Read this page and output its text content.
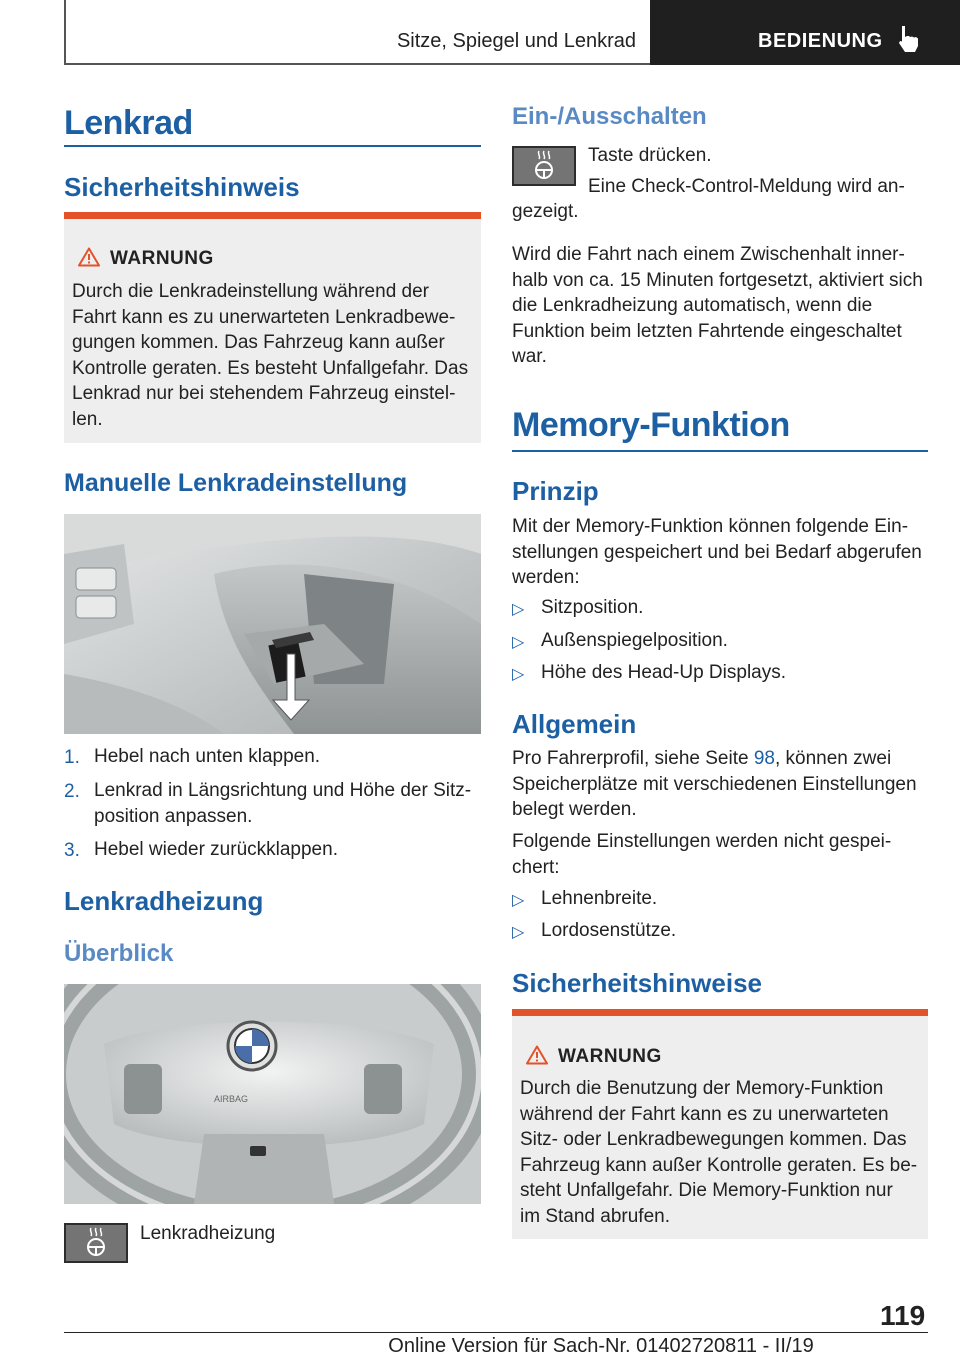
Sitze, Spiegel und Lenkrad	BEDIENUNG
Lenkrad
Sicherheitshinweis
WARNUNG
Durch die Lenkradeinstellung während der
Fahrt kann es zu unerwarteten Lenkradbewe-
gungen kommen. Das Fahrzeug kann außer
Kontrolle geraten. Es besteht Unfallgefahr. Das
Lenkrad nur bei stehendem Fahrzeug einstel-
len.
Manuelle Lenkradeinstellung
1. Hebel nach unten klappen.
2. Lenkrad in Längsrichtung und Höhe der Sitz-
position anpassen.
3. Hebel wieder zurückklappen.
Lenkradheizung
Überblick
AIRBAG
Lenkradheizung
Ein-/Ausschalten
Taste drücken.
Eine Check-Control-Meldung wird an-
gezeigt.
Wird die Fahrt nach einem Zwischenhalt inner-
halb von ca. 15 Minuten fortgesetzt, aktiviert sich
die Lenkradheizung automatisch, wenn die
Funktion beim letzten Fahrtende eingeschaltet
war.
Memory-Funktion
Prinzip
Mit der Memory-Funktion können folgende Ein-
stellungen gespeichert und bei Bedarf abgerufen
werden:
▷ Sitzposition.
▷ Außenspiegelposition.
▷ Höhe des Head-Up Displays.
Allgemein
Pro Fahrerprofil, siehe Seite 98, können zwei
Speicherplätze mit verschiedenen Einstellungen
belegt werden.
Folgende Einstellungen werden nicht gespei-
chert:
▷ Lehnenbreite.
▷ Lordosenstütze.
Sicherheitshinweise
WARNUNG
Durch die Benutzung der Memory-Funktion
während der Fahrt kann es zu unerwarteten
Sitz- oder Lenkradbewegungen kommen. Das
Fahrzeug kann außer Kontrolle geraten. Es be-
steht Unfallgefahr. Die Memory-Funktion nur
im Stand abrufen.
119
Online Version für Sach-Nr. 01402720811 - II/19
